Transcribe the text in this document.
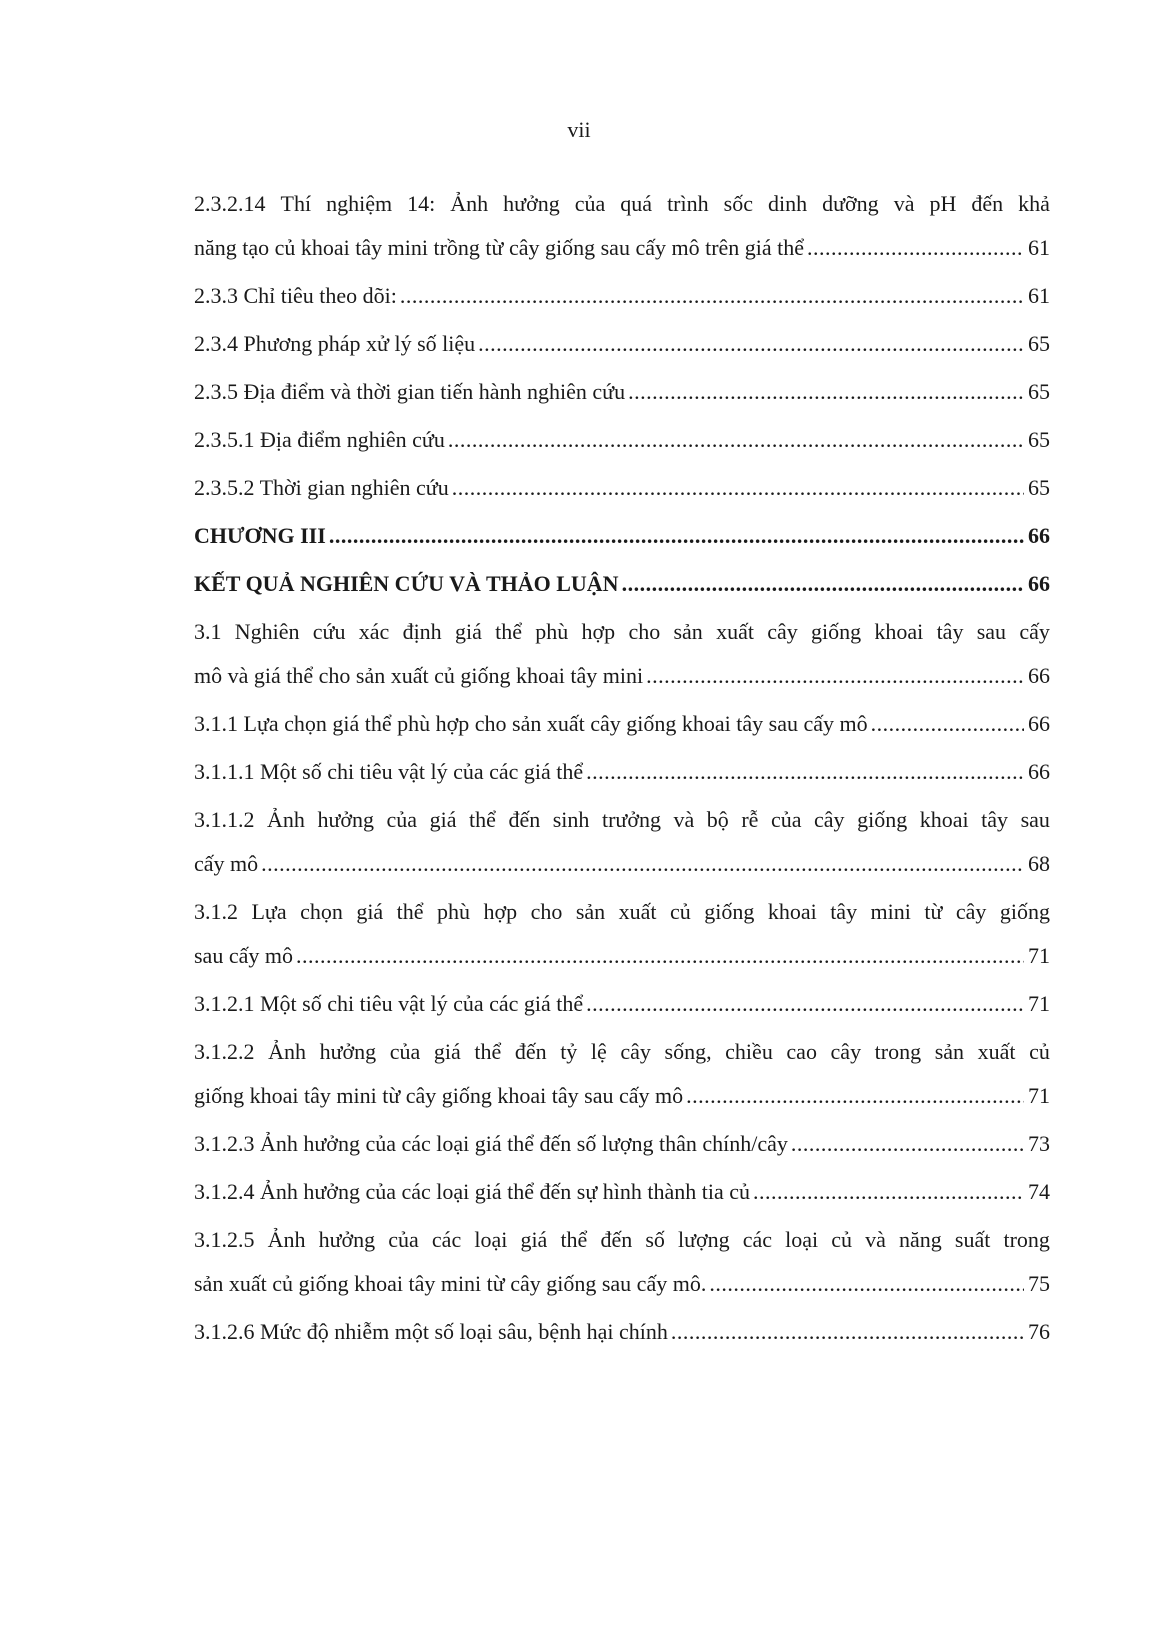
vii
2.3.2.14 Thí nghiệm 14: Ảnh hưởng của quá trình sốc dinh dưỡng và pH đến khả
năng tạo củ khoai tây mini trồng từ cây giống sau cấy mô trên giá thể .....	61
2.3.3 Chỉ tiêu theo dõi: .....	61
2.3.4 Phương pháp xử lý số liệu .....	65
2.3.5 Địa điểm và thời gian tiến hành nghiên cứu .....	65
2.3.5.1 Địa điểm nghiên cứu .....	65
2.3.5.2 Thời gian nghiên cứu .....	65
CHƯƠNG III .....	66
KẾT QUẢ NGHIÊN CỨU VÀ THẢO LUẬN .....	66
3.1 Nghiên cứu xác định giá thể phù hợp cho sản xuất cây giống khoai tây sau cấy
mô và giá thể cho sản xuất củ giống khoai tây mini .....	66
3.1.1 Lựa chọn giá thể phù hợp cho sản xuất cây giống khoai tây sau cấy mô .....	66
3.1.1.1 Một số chi tiêu vật lý của các giá thể .....	66
3.1.1.2 Ảnh hưởng của giá thể đến sinh trưởng và bộ rễ của cây giống khoai tây sau
cấy mô .....	68
3.1.2 Lựa chọn giá thể phù hợp cho sản xuất củ giống khoai tây mini từ cây giống
sau cấy mô .....	71
3.1.2.1 Một số chi tiêu vật lý của các giá thể .....	71
3.1.2.2 Ảnh hưởng của giá thể đến tỷ lệ cây sống, chiều cao cây trong sản xuất củ
giống khoai tây mini từ cây giống khoai tây sau cấy mô .....	71
3.1.2.3 Ảnh hưởng của các loại giá thể đến số lượng thân chính/cây .....	73
3.1.2.4 Ảnh hưởng của các loại giá thể đến sự hình thành tia củ .....	74
3.1.2.5 Ảnh hưởng của các loại giá thể đến số lượng các loại củ và năng suất trong
sản xuất củ giống khoai tây mini từ cây giống sau cấy mô. .....	75
3.1.2.6 Mức độ nhiễm một số loại sâu, bệnh hại chính .....	76
